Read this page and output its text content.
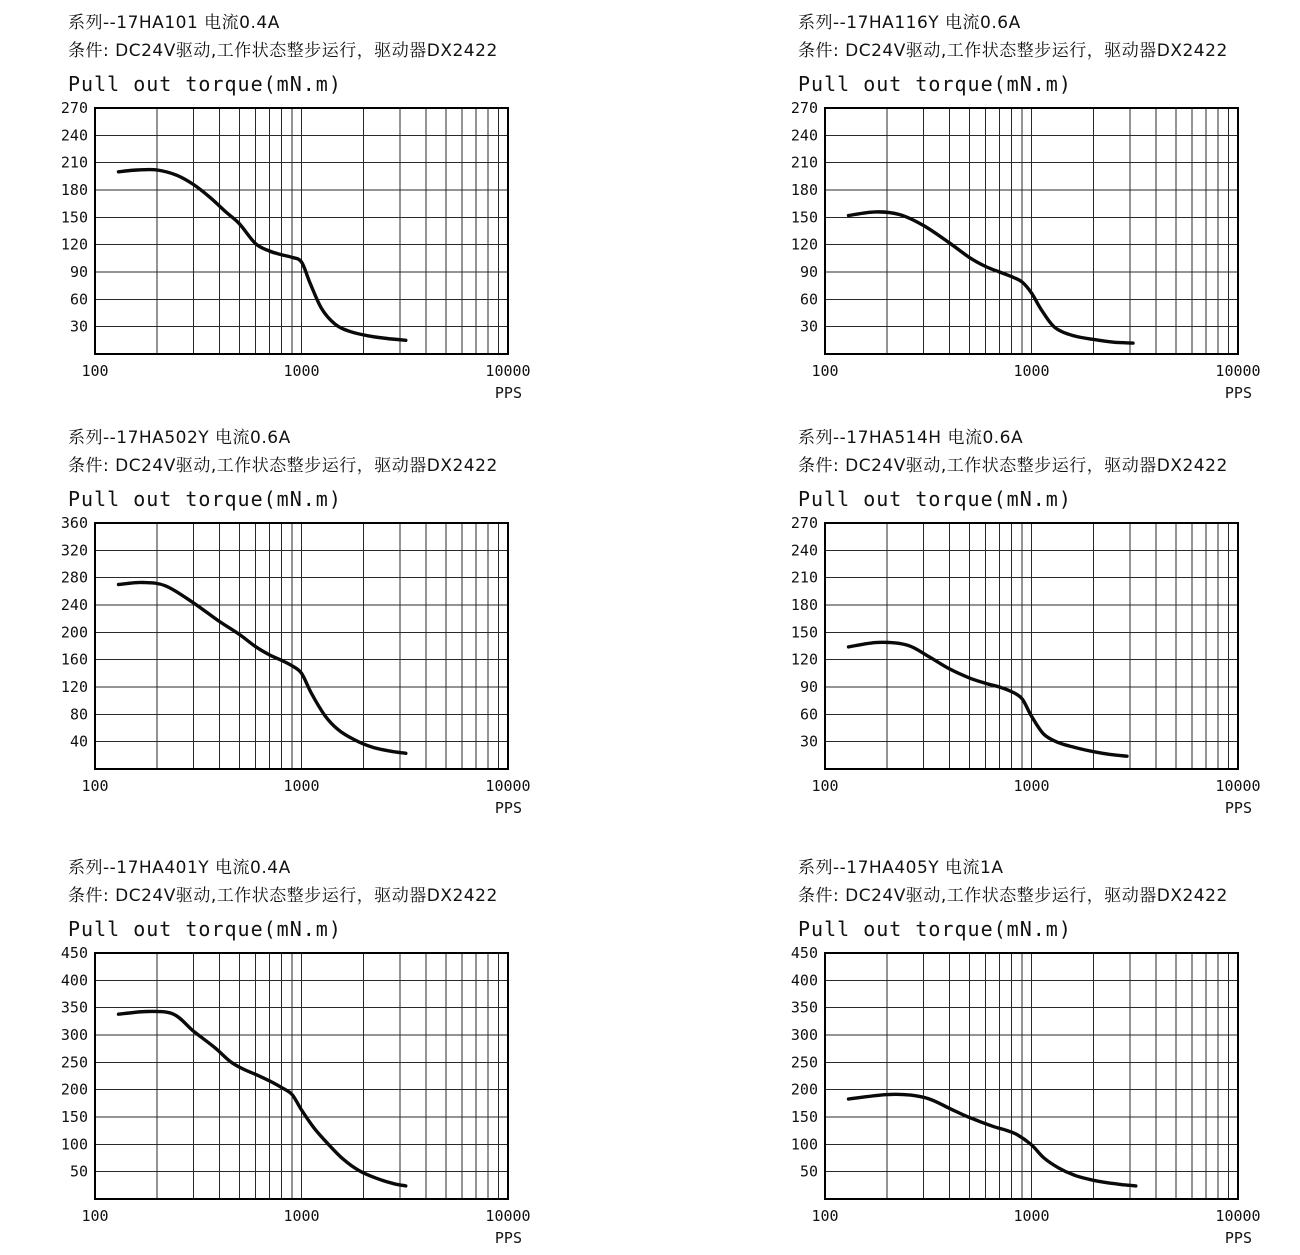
系列--17HA101 电流0.4A
条件: DC24V驱动,工作状态整步运行，驱动器DX2422
Pull out torque(mN.m)
30
60
90
120
150
180
210
240
270
100	1000	10000
PPS
系列--17HA116Y 电流0.6A
条件: DC24V驱动,工作状态整步运行，驱动器DX2422
Pull out torque(mN.m)
30
60
90
120
150
180
210
240
270
100	1000	10000
PPS
系列--17HA502Y 电流0.6A
条件: DC24V驱动,工作状态整步运行，驱动器DX2422
Pull out torque(mN.m)
40
80
120
160
200
240
280
320
360
100	1000	10000
PPS
系列--17HA514H 电流0.6A
条件: DC24V驱动,工作状态整步运行，驱动器DX2422
Pull out torque(mN.m)
30
60
90
120
150
180
210
240
270
100	1000	10000
PPS
系列--17HA401Y 电流0.4A
条件: DC24V驱动,工作状态整步运行，驱动器DX2422
Pull out torque(mN.m)
50
100
150
200
250
300
350
400
450
100	1000	10000
PPS
系列--17HA405Y 电流1A
条件: DC24V驱动,工作状态整步运行，驱动器DX2422
Pull out torque(mN.m)
50
100
150
200
250
300
350
400
450
100	1000	10000
PPS
